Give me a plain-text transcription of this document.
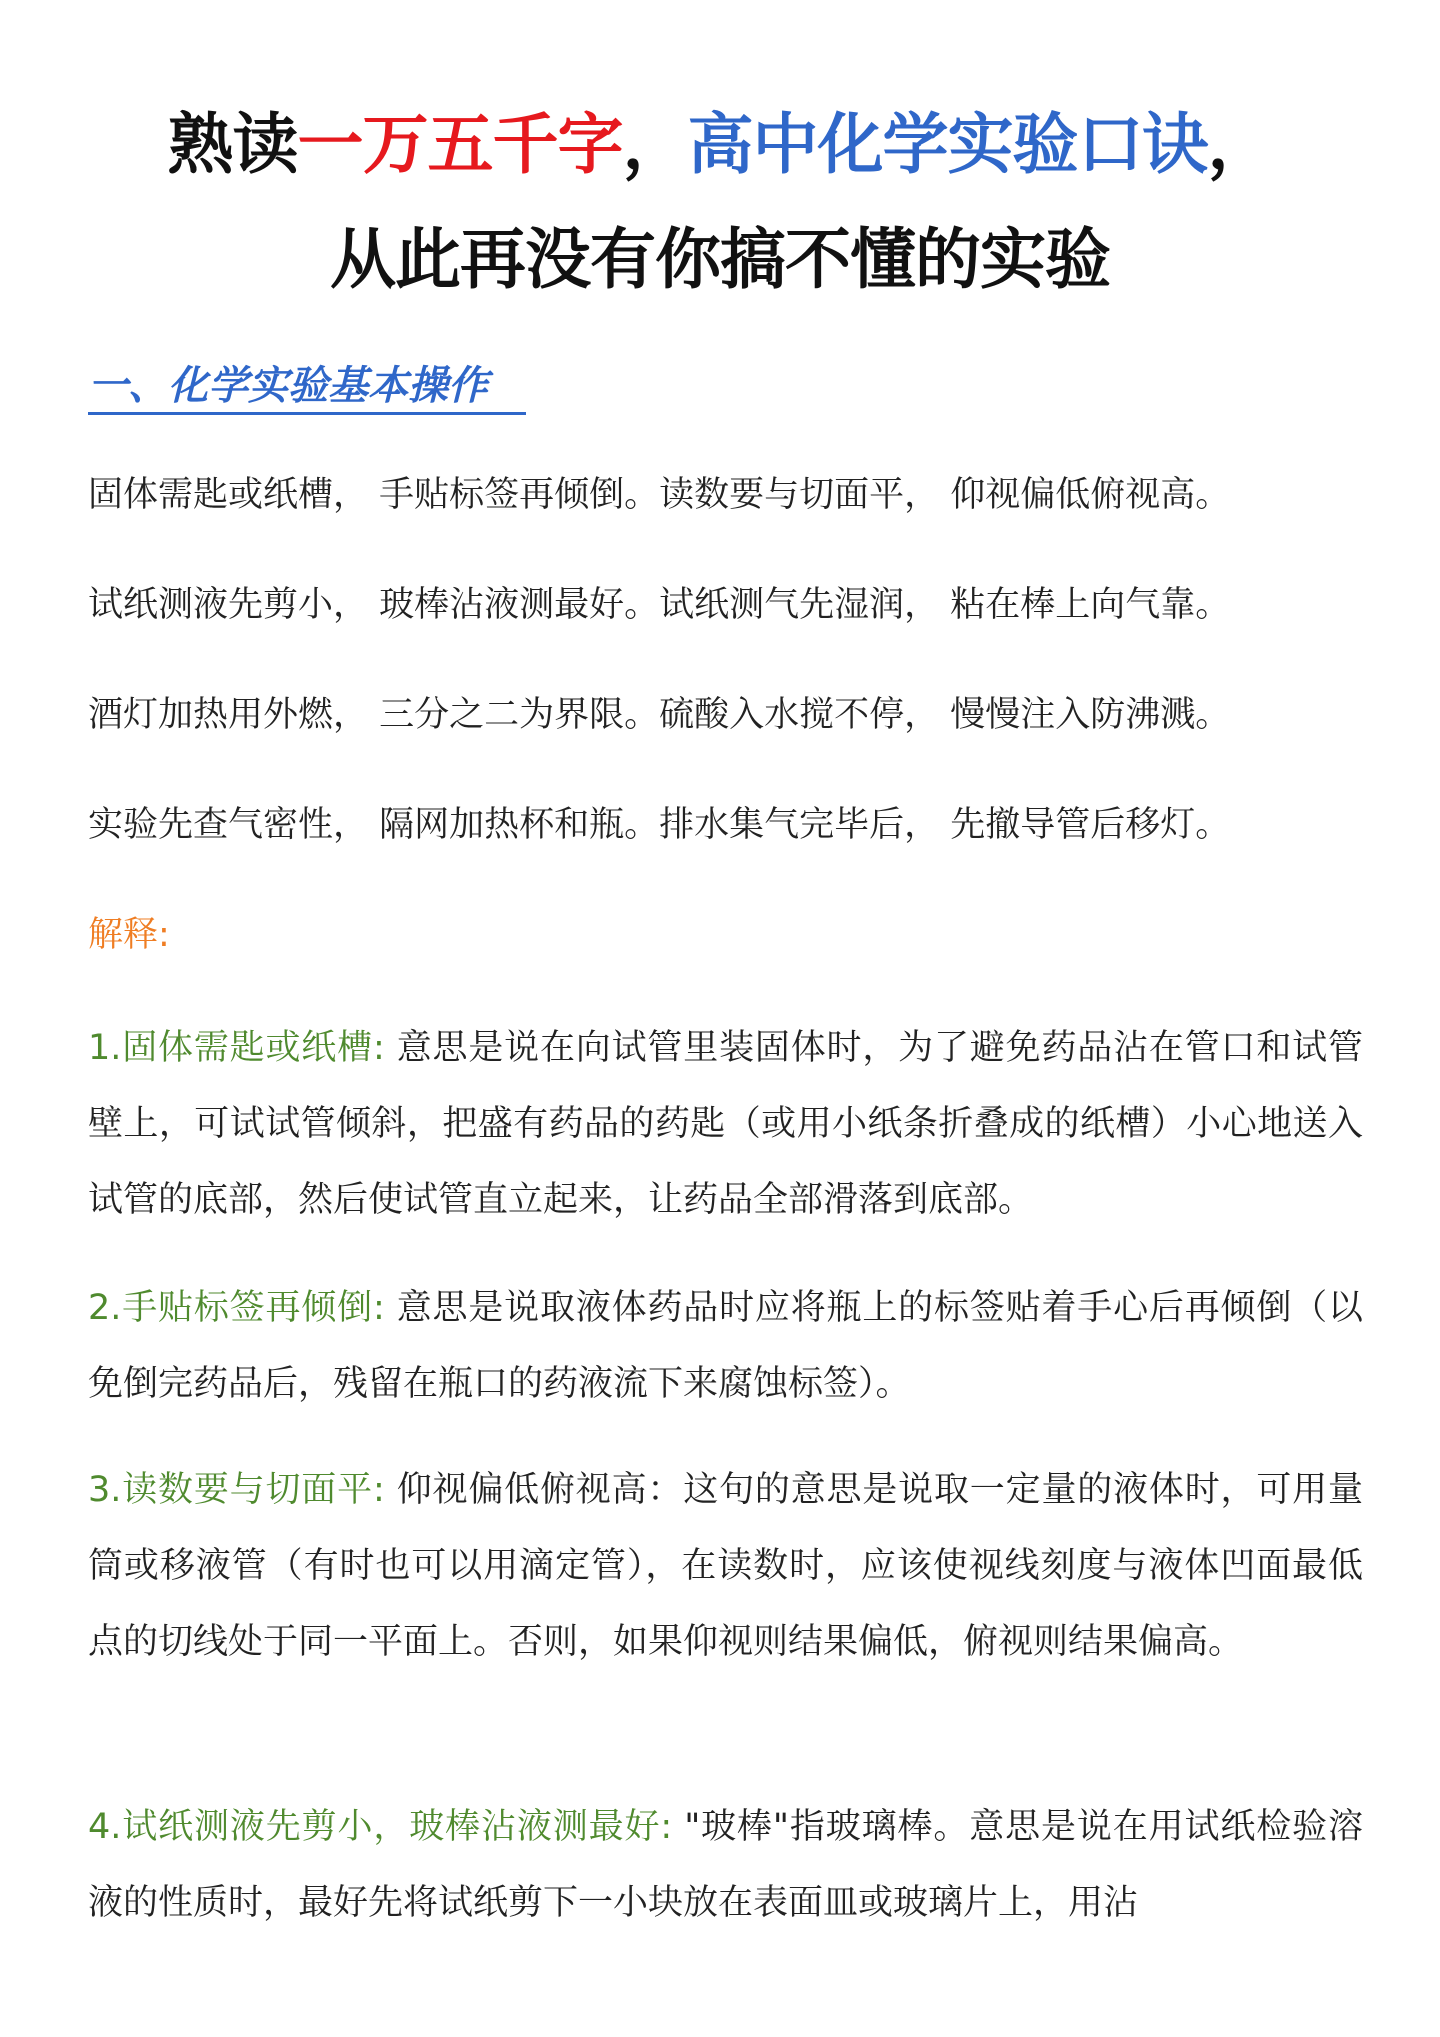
熟读一万五千字，高中化学实验口诀，
从此再没有你搞不懂的实验
一、化学实验基本操作
固体需匙或纸槽， 手贴标签再倾倒。读数要与切面平， 仰视偏低俯视高。
试纸测液先剪小， 玻棒沾液测最好。试纸测气先湿润， 粘在棒上向气靠。
酒灯加热用外燃， 三分之二为界限。硫酸入水搅不停， 慢慢注入防沸溅。
实验先查气密性， 隔网加热杯和瓶。排水集气完毕后， 先撤导管后移灯。
解释:
1.固体需匙或纸槽: 意思是说在向试管里装固体时，为了避免药品沾在管口和试管壁上，可试试管倾斜，把盛有药品的药匙（或用小纸条折叠成的纸槽）小心地送入试管的底部，然后使试管直立起来，让药品全部滑落到底部。
2.手贴标签再倾倒: 意思是说取液体药品时应将瓶上的标签贴着手心后再倾倒（以免倒完药品后，残留在瓶口的药液流下来腐蚀标签）。
3.读数要与切面平: 仰视偏低俯视高：这句的意思是说取一定量的液体时，可用量筒或移液管（有时也可以用滴定管），在读数时，应该使视线刻度与液体凹面最低点的切线处于同一平面上。否则，如果仰视则结果偏低，俯视则结果偏高。
4.试纸测液先剪小，玻棒沾液测最好: "玻棒"指玻璃棒。意思是说在用试纸检验溶液的性质时，最好先将试纸剪下一小块放在表面皿或玻璃片上，用沾
